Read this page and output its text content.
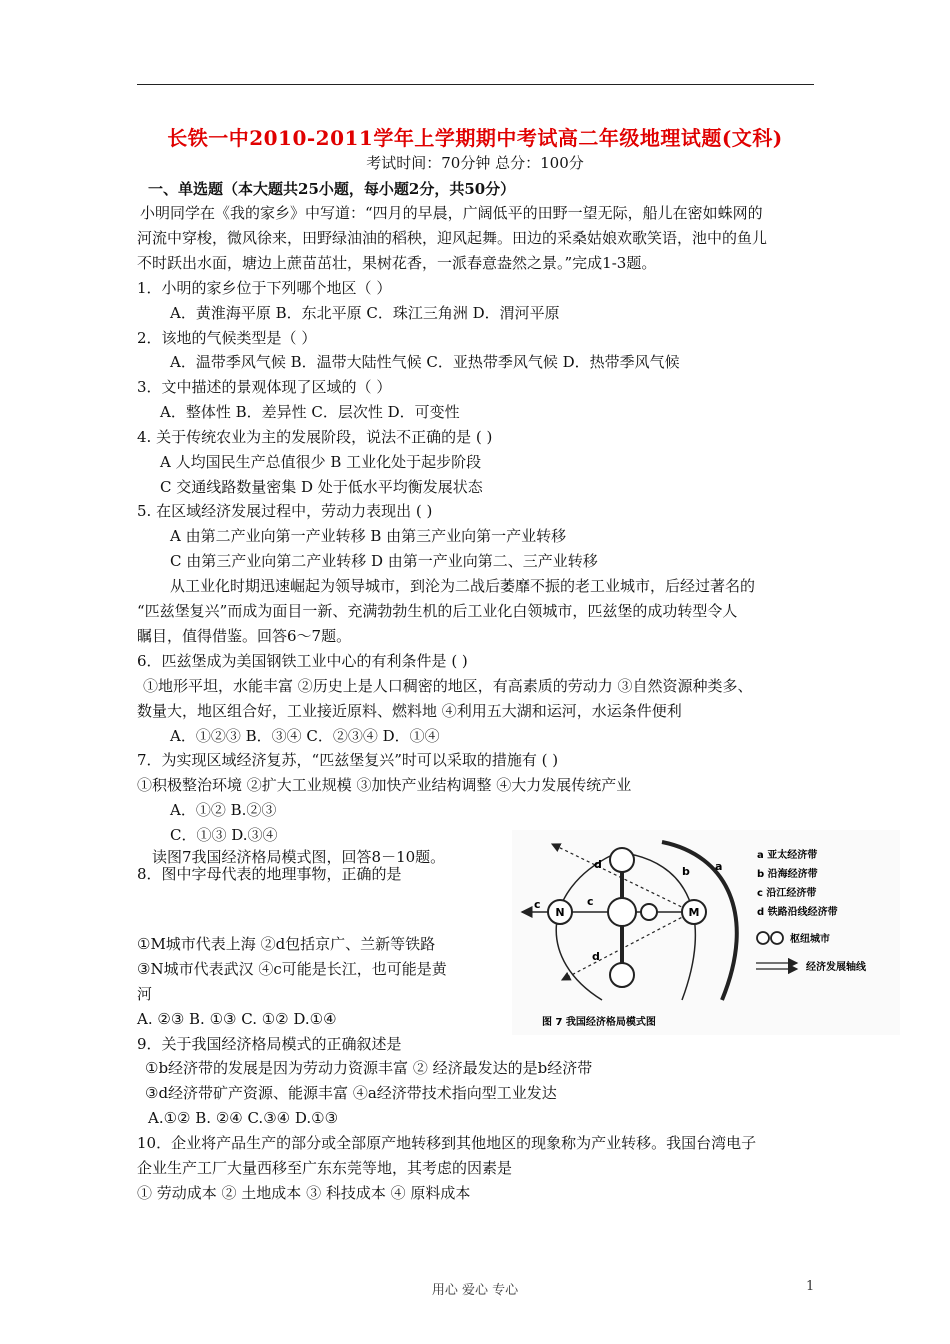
长铁一中2010-2011学年上学期期中考试高二年级地理试题(文科)
考试时间：70分钟 总分：100分
一、单选题（本大题共25小题，每小题2分，共50分）
小明同学在《我的家乡》中写道：“四月的早晨，广阔低平的田野一望无际，船儿在密如蛛网的
河流中穿梭，微风徐来，田野绿油油的稻秧，迎风起舞。田边的采桑姑娘欢歌笑语，池中的鱼儿
不时跃出水面，塘边上蔗苗茁壮，果树花香，一派春意盎然之景。”完成1-3题。
1．小明的家乡位于下列哪个地区（ ）
A．黄淮海平原 B．东北平原 C．珠江三角洲 D．渭河平原
2．该地的气候类型是（ ）
A．温带季风气候 B．温带大陆性气候 C．亚热带季风气候 D．热带季风气候
3．文中描述的景观体现了区域的（ ）
A．整体性 B．差异性 C．层次性 D．可变性
4. 关于传统农业为主的发展阶段，说法不正确的是 ( )
A 人均国民生产总值很少 B 工业化处于起步阶段
C 交通线路数量密集 D 处于低水平均衡发展状态
5. 在区域经济发展过程中，劳动力表现出 ( )
A 由第二产业向第一产业转移 B 由第三产业向第一产业转移
C 由第三产业向第二产业转移 D 由第一产业向第二、三产业转移
从工业化时期迅速崛起为领导城市，到沦为二战后萎靡不振的老工业城市，后经过著名的
“匹兹堡复兴”而成为面目一新、充满勃勃生机的后工业化白领城市，匹兹堡的成功转型令人
瞩目，值得借鉴。回答6～7题。
6．匹兹堡成为美国钢铁工业中心的有利条件是 ( )
①地形平坦，水能丰富 ②历史上是人口稠密的地区，有高素质的劳动力 ③自然资源种类多、
数量大，地区组合好，工业接近原料、燃料地 ④利用五大湖和运河，水运条件便利
A．①②③ B．③④ C．②③④ D．①④
7．为实现区域经济复苏，“匹兹堡复兴”时可以采取的措施有 ( )
①积极整治环境 ②扩大工业规模 ③加快产业结构调整 ④大力发展传统产业
A．①② B.②③
C．①③ D.③④
读图7我国经济格局模式图，回答8－10题。
8．图中字母代表的地理事物，正确的是
①M城市代表上海 ②d包括京广、兰新等铁路
③N城市代表武汉 ④c可能是长江，也可能是黄
河
A. ②③ B. ①③ C. ①② D.①④
9．关于我国经济格局模式的正确叙述是
①b经济带的发展是因为劳动力资源丰富 ② 经济最发达的是b经济带
③d经济带矿产资源、能源丰富 ④a经济带技术指向型工业发达
A.①② B. ②④ C.③④ D.①③
10．企业将产品生产的部分或全部原产地转移到其他地区的现象称为产业转移。我国台湾电子
企业生产工厂大量西移至广东东莞等地，其考虑的因素是
① 劳动成本 ② 土地成本 ③ 科技成本 ④ 原料成本
N	M
a
b
c	c
d
d
a 亚太经济带
b 沿海经济带
c 沿江经济带
d 铁路沿线经济带
枢纽城市
经济发展轴线
图 7 我国经济格局模式图
用心 爱心 专心	1
